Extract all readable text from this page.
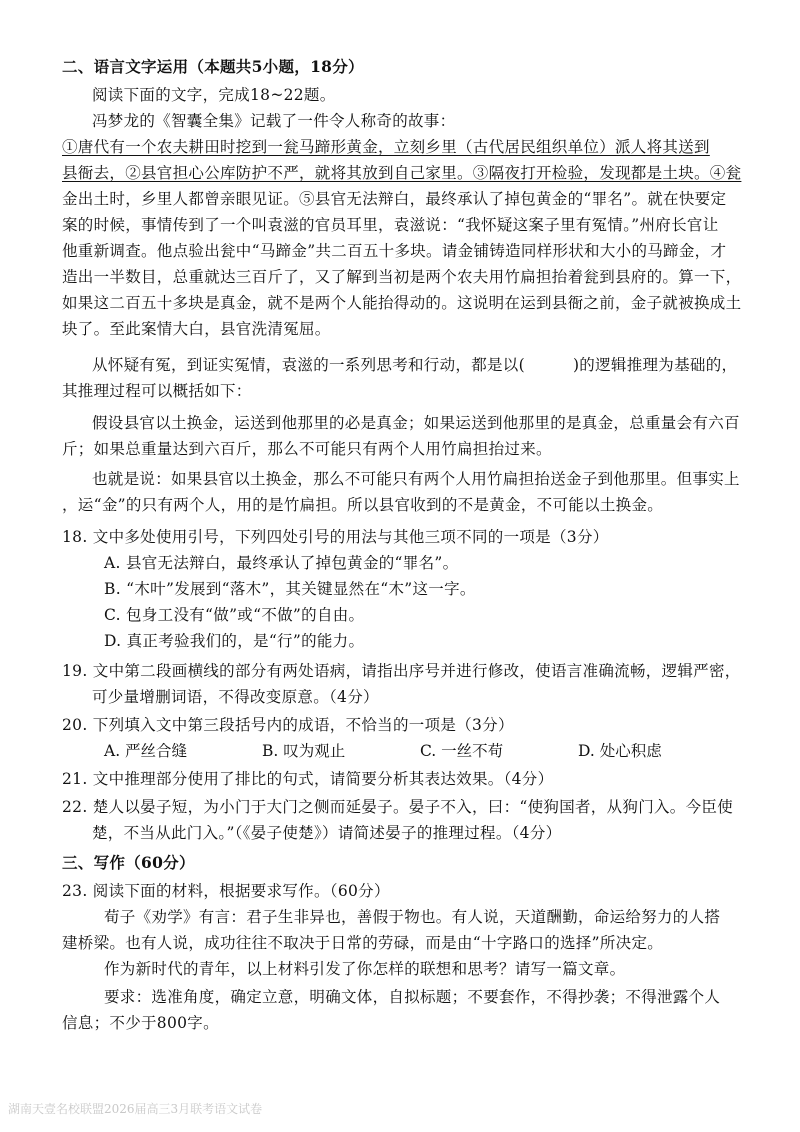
二、语言文字运用（本题共5小题，18分）
阅读下面的文字，完成18~22题。
冯梦龙的《智囊全集》记载了一件令人称奇的故事：
①唐代有一个农夫耕田时挖到一瓮马蹄形黄金，立刻乡里（古代居民组织单位）派人将其送到
县衙去，②县官担心公库防护不严，就将其放到自己家里。③隔夜打开检验，发现都是土块。④瓮
金出土时，乡里人都曾亲眼见证。⑤县官无法辩白，最终承认了掉包黄金的“罪名”。就在快要定
案的时候，事情传到了一个叫袁滋的官员耳里，袁滋说：“我怀疑这案子里有冤情。”州府长官让
他重新调查。他点验出瓮中“马蹄金”共二百五十多块。请金铺铸造同样形状和大小的马蹄金，才
造出一半数目，总重就达三百斤了，又了解到当初是两个农夫用竹扁担抬着瓮到县府的。算一下，
如果这二百五十多块是真金，就不是两个人能抬得动的。这说明在运到县衙之前，金子就被换成土
块了。至此案情大白，县官洗清冤屈。
从怀疑有冤，到证实冤情，袁滋的一系列思考和行动，都是以(	)的逻辑推理为基础的，
其推理过程可以概括如下：
假设县官以土换金，运送到他那里的必是真金；如果运送到他那里的是真金，总重量会有六百
斤；如果总重量达到六百斤，那么不可能只有两个人用竹扁担抬过来。
也就是说：如果县官以土换金，那么不可能只有两个人用竹扁担抬送金子到他那里。但事实上
，运“金”的只有两个人，用的是竹扁担。所以县官收到的不是黄金，不可能以土换金。
18. 文中多处使用引号，下列四处引号的用法与其他三项不同的一项是（3分）
A. 县官无法辩白，最终承认了掉包黄金的“罪名”。
B. “木叶”发展到“落木”，其关键显然在“木”这一字。
C. 包身工没有“做”或“不做”的自由。
D. 真正考验我们的，是“行”的能力。
19. 文中第二段画横线的部分有两处语病，请指出序号并进行修改，使语言准确流畅，逻辑严密，
可少量增删词语，不得改变原意。（4分）
20. 下列填入文中第三段括号内的成语，不恰当的一项是（3分）
A. 严丝合缝	B. 叹为观止	C. 一丝不苟	D. 处心积虑
21. 文中推理部分使用了排比的句式，请简要分析其表达效果。（4分）
22. 楚人以晏子短，为小门于大门之侧而延晏子。晏子不入，曰：“使狗国者，从狗门入。今臣使
楚，不当从此门入。”（《晏子使楚》）请简述晏子的推理过程。（4分）
三、写作（60分）
23. 阅读下面的材料，根据要求写作。（60分）
荀子《劝学》有言：君子生非异也，善假于物也。有人说，天道酬勤，命运给努力的人搭
建桥梁。也有人说，成功往往不取决于日常的劳碌，而是由“十字路口的选择”所决定。
作为新时代的青年，以上材料引发了你怎样的联想和思考？请写一篇文章。
要求：选准角度，确定立意，明确文体，自拟标题；不要套作，不得抄袭；不得泄露个人
信息；不少于800字。
湖南天壹名校联盟2026届高三3月联考语文试卷
